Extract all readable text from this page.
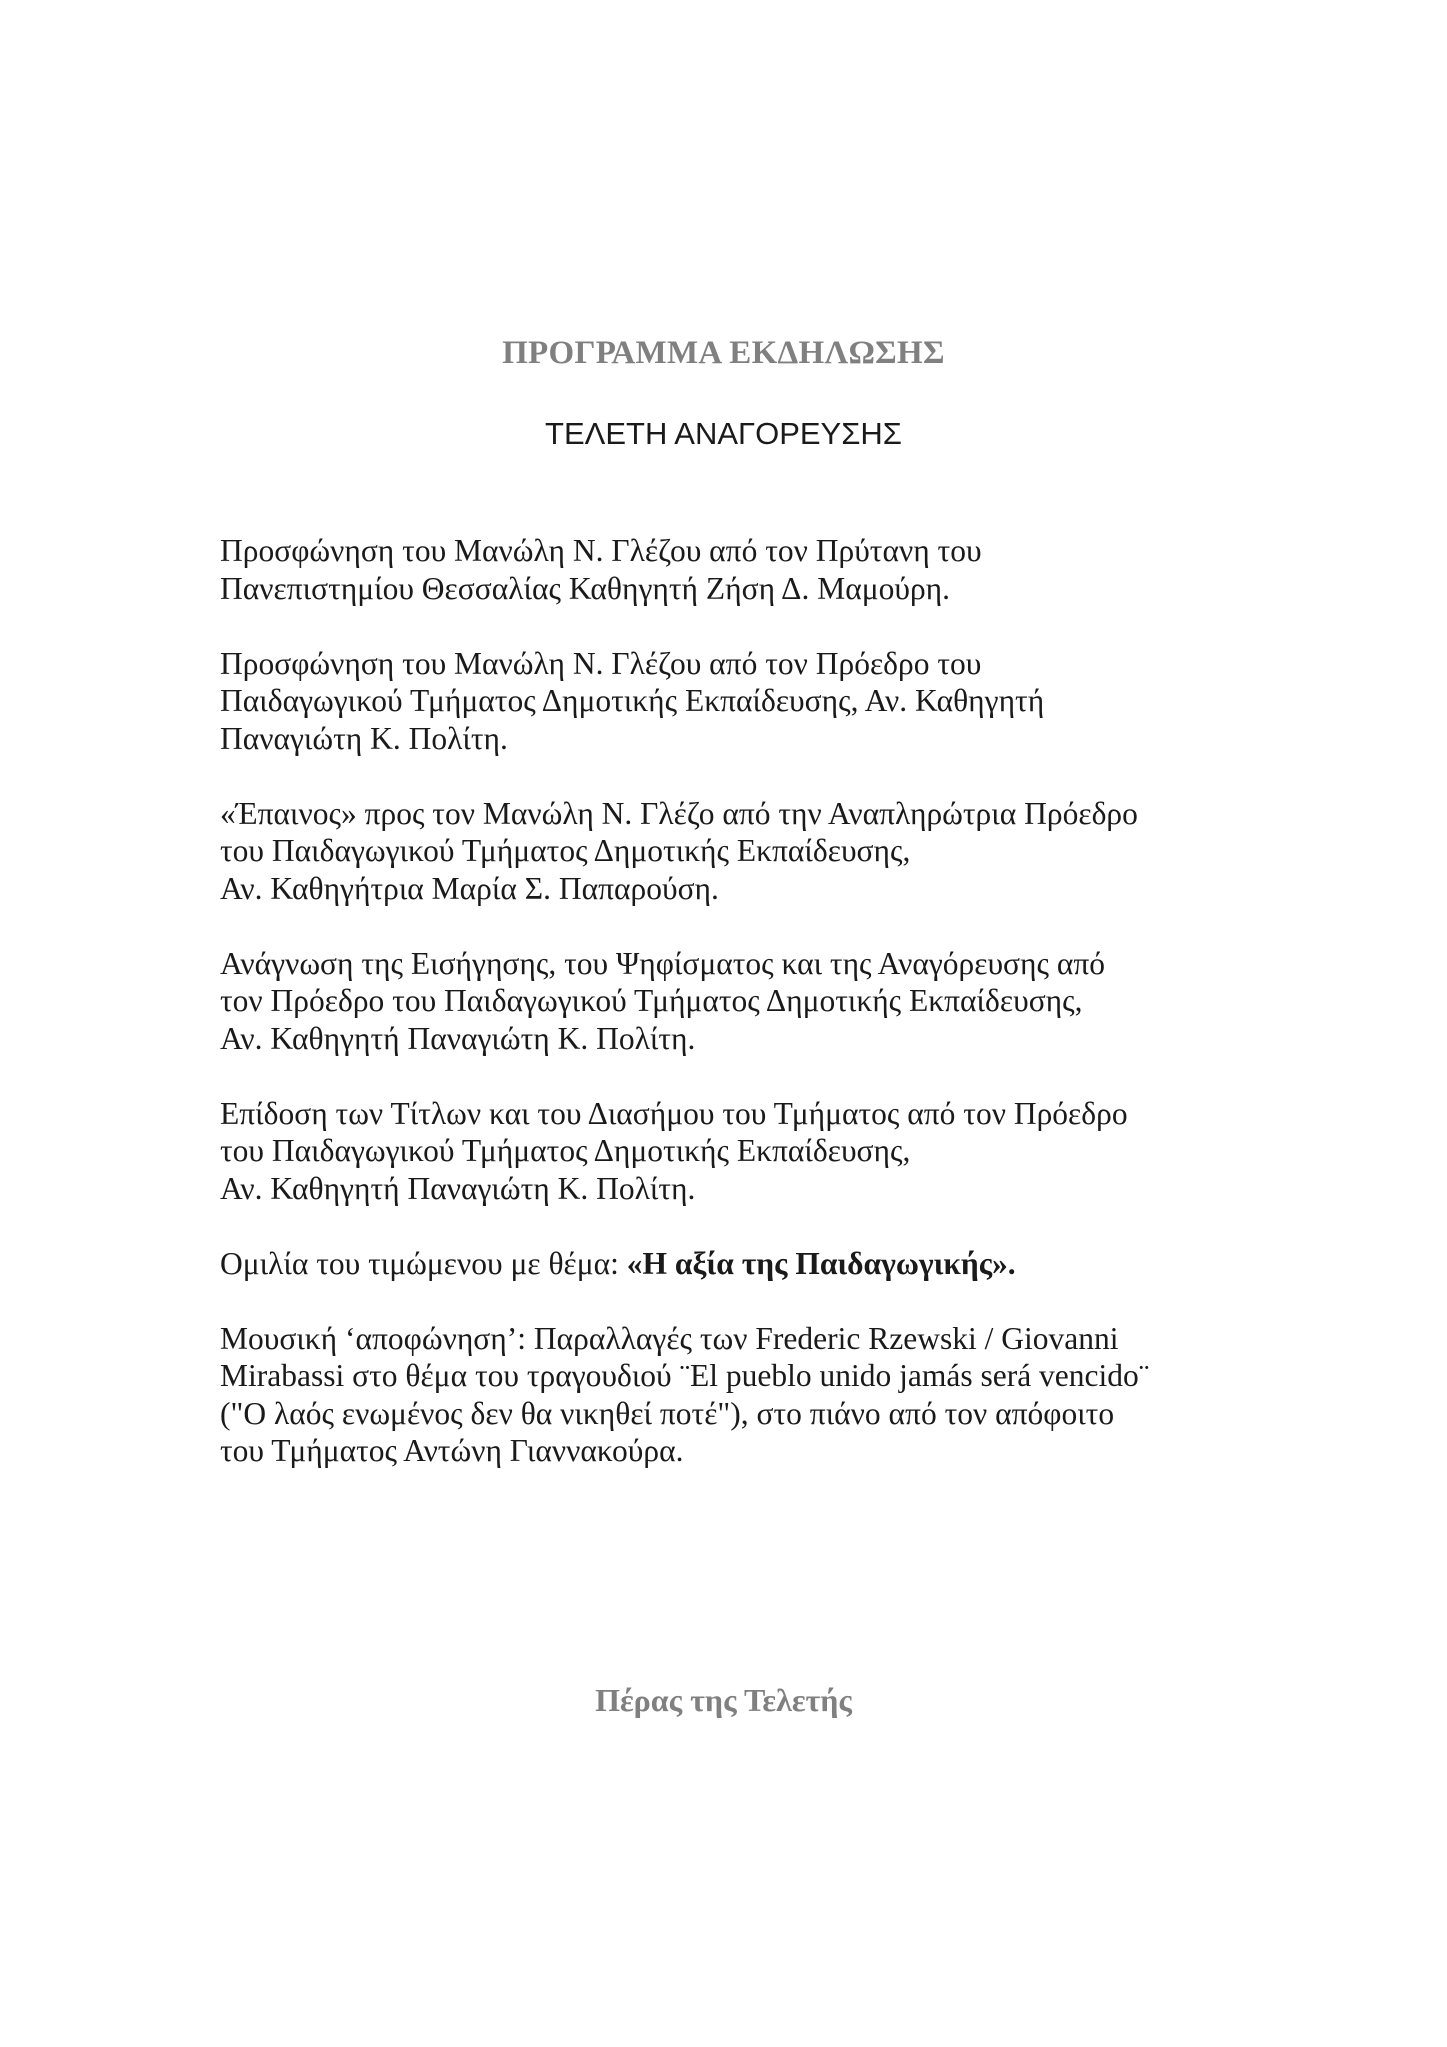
ΠΡΟΓΡΑΜΜΑ ΕΚΔΗΛΩΣΗΣ
ΤΕΛΕΤΗ ΑΝΑΓΟΡΕΥΣΗΣ

Προσφώνηση του Μανώλη Ν. Γλέζου από τον Πρύτανη του
Πανεπιστημίου Θεσσαλίας Καθηγητή Ζήση Δ. Μαμούρη.

Προσφώνηση του Μανώλη Ν. Γλέζου από τον Πρόεδρο του
Παιδαγωγικού Τμήματος Δημοτικής Εκπαίδευσης, Αν. Καθηγητή
Παναγιώτη Κ. Πολίτη.

«Έπαινος» προς τον Μανώλη Ν. Γλέζο από την Αναπληρώτρια Πρόεδρο
του Παιδαγωγικού Τμήματος Δημοτικής Εκπαίδευσης,
Αν. Καθηγήτρια Μαρία Σ. Παπαρούση.

Ανάγνωση της Εισήγησης, του Ψηφίσματος και της Αναγόρευσης από
τον Πρόεδρο του Παιδαγωγικού Τμήματος Δημοτικής Εκπαίδευσης,
Αν. Καθηγητή Παναγιώτη Κ. Πολίτη.

Επίδοση των Τίτλων και του Διασήμου του Τμήματος από τον Πρόεδρο
του Παιδαγωγικού Τμήματος Δημοτικής Εκπαίδευσης,
Αν. Καθηγητή Παναγιώτη Κ. Πολίτη.

Ομιλία του τιμώμενου με θέμα: «Η αξία της Παιδαγωγικής».

Μουσική ‘αποφώνηση’: Παραλλαγές των Frederic Rzewski / Giovanni
Mirabassi στο θέμα του τραγουδιού ¨El pueblo unido jamás será vencido¨
("Ο λαός ενωμένος δεν θα νικηθεί ποτέ"), στο πιάνο από τον απόφοιτο
του Τμήματος Αντώνη Γιαννακούρα.

Πέρας της Τελετής
